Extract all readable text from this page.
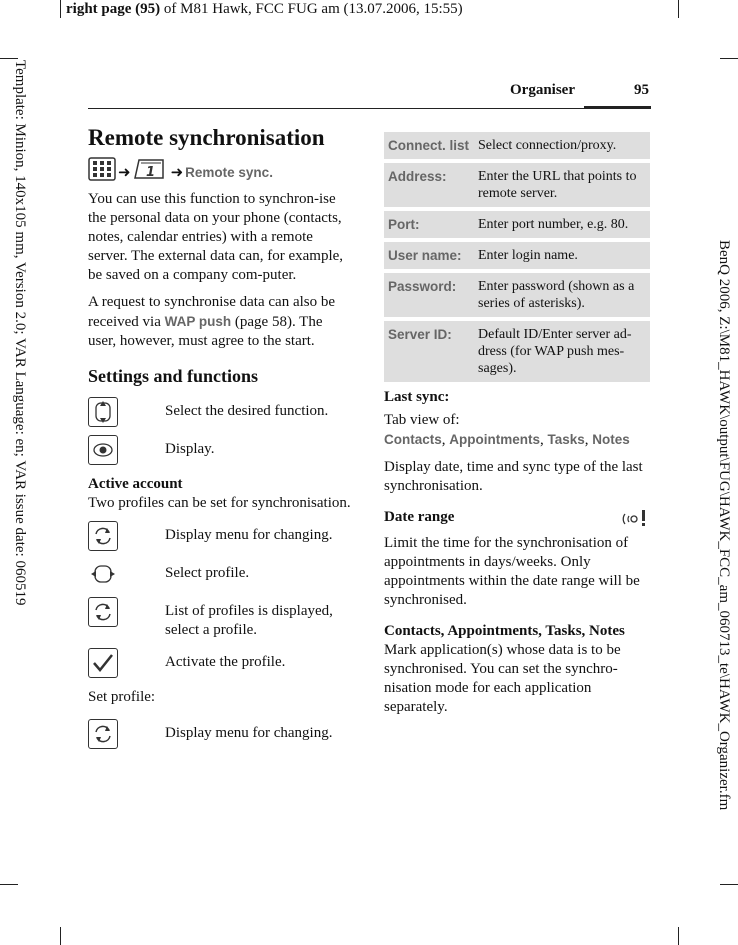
right page (95) of M81 Hawk, FCC FUG am (13.07.2006, 15:55)
Template: Minion, 140x105 mm, Version 2.0; VAR Language: en; VAR issue date: 060519	BenQ 2006, Z:\M81_HAWK\output\FUG\HAWK_FCC_am_060713_te\HAWK_Organizer.fm
Organiser	95
Remote synchronisation
➜ 1 ➜ Remote sync.

You can use this function to synchron-ise the personal data on your phone (contacts, notes, calendar entries) with a remote server. The external data can, for example, be saved on a company com-puter.

A request to synchronise data can also be received via WAP push (page 58). The user, however, must agree to the start.

Settings and functions
Select the desired function.
Display.
Active account

Two profiles can be set for synchronisation.

Display menu for changing.
Select profile.
List of profiles is displayed, select a profile.
Activate the profile.

Set profile:

Display menu for changing.
Connect. list	Select connection/proxy.
Address:	Enter the URL that points to remote server.
Port:	Enter port number, e.g. 80.
User name:	Enter login name.
Password:	Enter password (shown as a series of asterisks).
Server ID:	Default ID/Enter server ad-dress (for WAP push mes-sages).
Last sync:
Tab view of:

Contacts, Appointments, Tasks, Notes

Display date, time and sync type of the last synchronisation.

Date range

Limit the time for the synchronisation of appointments in days/weeks. Only appointments within the date range will be synchronised.

Contacts, Appointments, Tasks, Notes

Mark application(s) whose data is to be synchronised. You can set the synchro-nisation mode for each application separately.
